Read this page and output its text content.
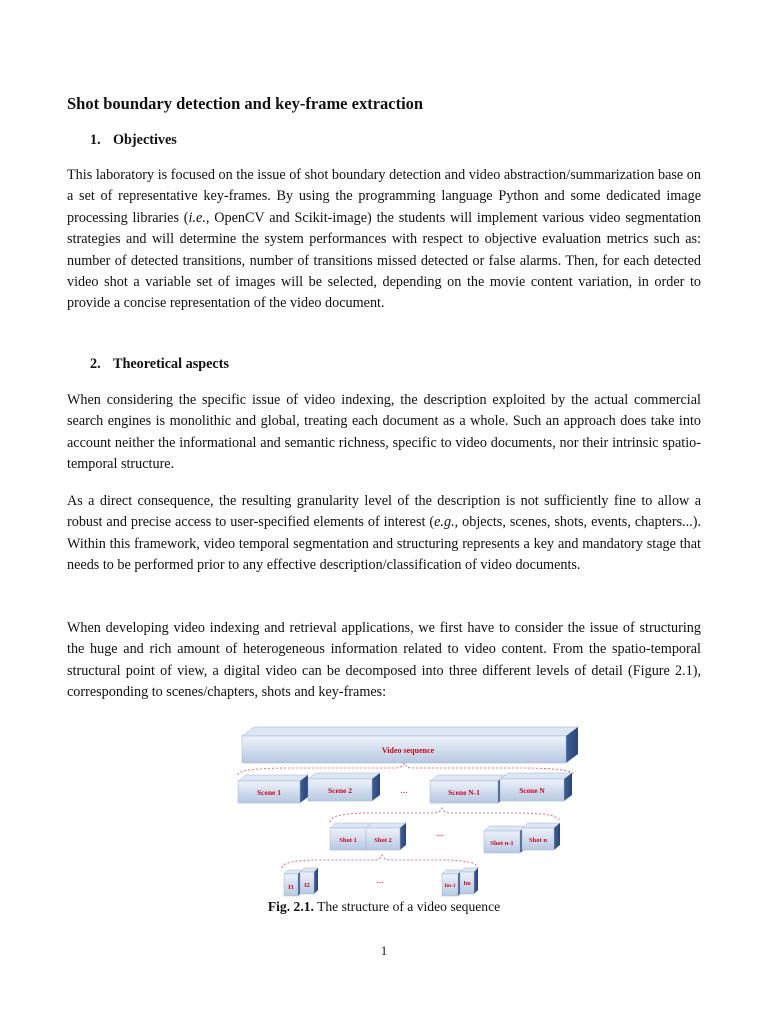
Shot boundary detection and key-frame extraction
1. Objectives

This laboratory is focused on the issue of shot boundary detection and video abstraction/summarization base on a set of representative key-frames. By using the programming language Python and some dedicated image processing libraries (i.e., OpenCV and Scikit-image) the students will implement various video segmentation strategies and will determine the system performances with respect to objective evaluation metrics such as: number of detected transitions, number of transitions missed detected or false alarms. Then, for each detected video shot a variable set of images will be selected, depending on the movie content variation, in order to provide a concise representation of the video document.

2. Theoretical aspects

When considering the specific issue of video indexing, the description exploited by the actual commercial search engines is monolithic and global, treating each document as a whole. Such an approach does take into account neither the informational and semantic richness, specific to video documents, nor their intrinsic spatio-temporal structure.

As a direct consequence, the resulting granularity level of the description is not sufficiently fine to allow a robust and precise access to user-specified elements of interest (e.g., objects, scenes, shots, events, chapters...). Within this framework, video temporal segmentation and structuring represents a key and mandatory stage that needs to be performed prior to any effective description/classification of video documents.

When developing video indexing and retrieval applications, we first have to consider the issue of structuring the huge and rich amount of heterogeneous information related to video content. From the spatio-temporal structural point of view, a digital video can be decomposed into three different levels of detail (Figure 2.1), corresponding to scenes/chapters, shots and key-frames:

Video sequence
Scene 1	Scene 2	...	Scene N-1	Scene N
Shot 1	Shot 2
...
Shot n-1 Shot n
I1 I2
...
Im-1 Im
Fig. 2.1. The structure of a video sequence
1
